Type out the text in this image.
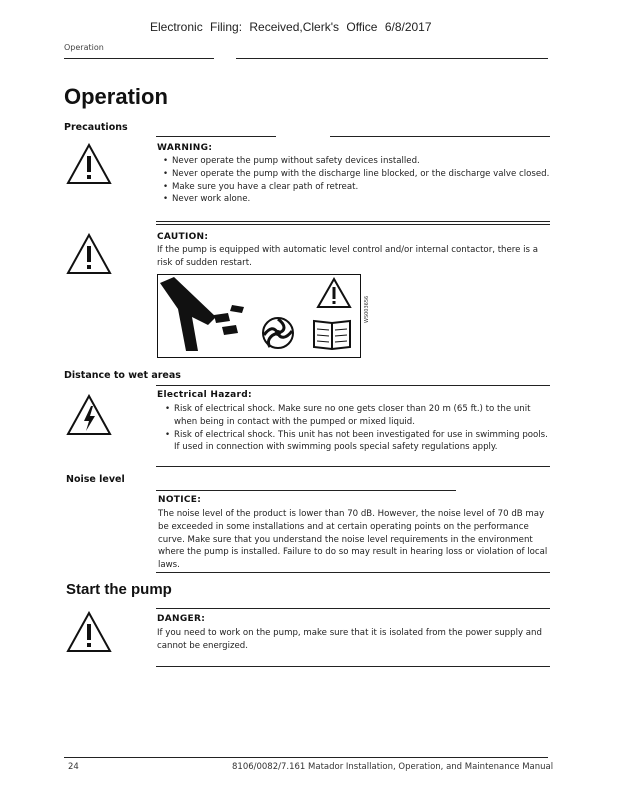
Electronic Filing: Received,Clerk's Office 6/8/2017
Operation
Operation
Precautions
WARNING:
• Never operate the pump without safety devices installed.
• Never operate the pump with the discharge line blocked, or the discharge valve closed.
• Make sure you have a clear path of retreat.
• Never work alone.
CAUTION:
If the pump is equipped with automatic level control and/or internal contactor, there is a risk of sudden restart.
WS003656
Distance to wet areas
Electrical Hazard:
• Risk of electrical shock. Make sure no one gets closer than 20 m (65 ft.) to the unit when being in contact with the pumped or mixed liquid.
• Risk of electrical shock. This unit has not been investigated for use in swimming pools. If used in connection with swimming pools special safety regulations apply.
Noise level
NOTICE:
The noise level of the product is lower than 70 dB. However, the noise level of 70 dB may be exceeded in some installations and at certain operating points on the performance curve. Make sure that you understand the noise level requirements in the environment where the pump is installed. Failure to do so may result in hearing loss or violation of local laws.
Start the pump
DANGER:
If you need to work on the pump, make sure that it is isolated from the power supply and cannot be energized.
24	8106/0082/7.161 Matador Installation, Operation, and Maintenance Manual
